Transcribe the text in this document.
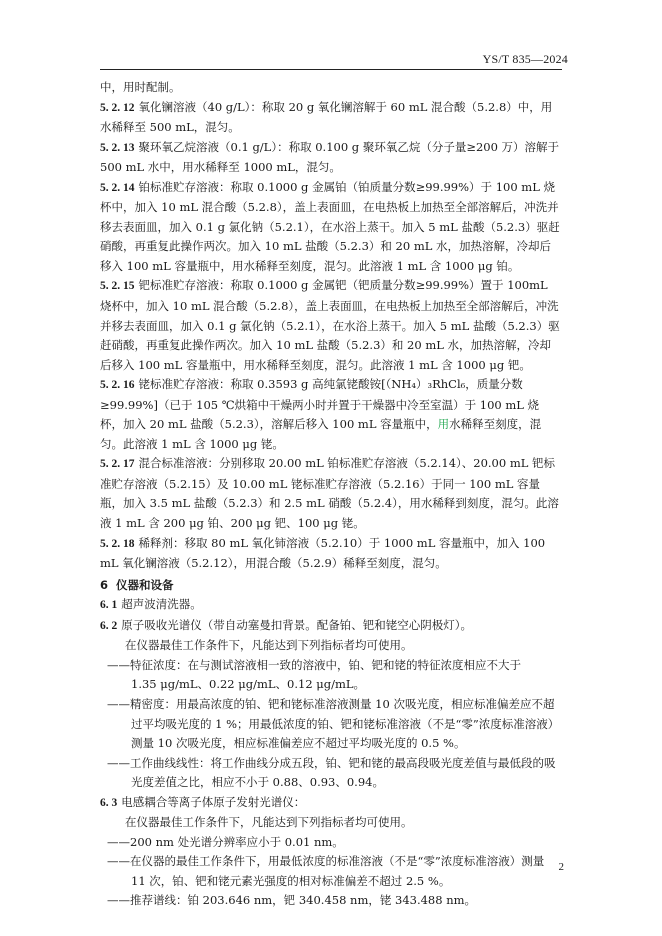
YS/T 835—2024

中，用时配制。

5. 2. 12 氧化镧溶液（40 g/L）：称取 20 g 氧化镧溶解于 60 mL 混合酸（5.2.8）中，用水稀释至 500 mL，混匀。

5. 2. 13 聚环氧乙烷溶液（0.1 g/L）：称取 0.100 g 聚环氧乙烷（分子量≥200 万）溶解于 500 mL 水中，用水稀释至 1000 mL，混匀。

5. 2. 14 铂标准贮存溶液：称取 0.1000 g 金属铂（铂质量分数≥99.99%）于 100 mL 烧杯中，加入 10 mL 混合酸（5.2.8），盖上表面皿，在电热板上加热至全部溶解后，冲洗并移去表面皿，加入 0.1 g 氯化钠（5.2.1），在水浴上蒸干。加入 5 mL 盐酸（5.2.3）驱赶硝酸，再重复此操作两次。加入 10 mL 盐酸（5.2.3）和 20 mL 水，加热溶解，冷却后移入 100 mL 容量瓶中，用水稀释至刻度，混匀。此溶液 1 mL 含 1000 μg 铂。

5. 2. 15 钯标准贮存溶液：称取 0.1000 g 金属钯（钯质量分数≥99.99%）置于 100mL 烧杯中，加入 10 mL 混合酸（5.2.8），盖上表面皿，在电热板上加热至全部溶解后，冲洗并移去表面皿，加入 0.1 g 氯化钠（5.2.1），在水浴上蒸干。加入 5 mL 盐酸（5.2.3）驱赶硝酸，再重复此操作两次。加入 10 mL 盐酸（5.2.3）和 20 mL 水，加热溶解，冷却后移入 100 mL 容量瓶中，用水稀释至刻度，混匀。此溶液 1 mL 含 1000 μg 钯。

5. 2. 16 铑标准贮存溶液：称取 0.3593 g 高纯氯铑酸铵[（NH₄）₃RhCl₆，质量分数≥99.99%]（已于 105 ℃烘箱中干燥两小时并置于干燥器中冷至室温）于 100 mL 烧杯，加入 20 mL 盐酸（5.2.3），溶解后移入 100 mL 容量瓶中，用水稀释至刻度，混匀。此溶液 1 mL 含 1000 μg 铑。

5. 2. 17 混合标准溶液：分别移取 20.00 mL 铂标准贮存溶液（5.2.14）、20.00 mL 钯标准贮存溶液（5.2.15）及 10.00 mL 铑标准贮存溶液（5.2.16）于同一 100 mL 容量瓶，加入 3.5 mL 盐酸（5.2.3）和 2.5 mL 硝酸（5.2.4），用水稀释到刻度，混匀。此溶液 1 mL 含 200 μg 铂、200 μg 钯、100 μg 铑。

5. 2. 18 稀释剂：移取 80 mL 氧化铈溶液（5.2.10）于 1000 mL 容量瓶中，加入 100 mL 氧化镧溶液（5.2.12），用混合酸（5.2.9）稀释至刻度，混匀。

6 仪器和设备

6. 1 超声波清洗器。

6. 2 原子吸收光谱仪（带自动塞曼扣背景。配备铂、钯和铑空心阴极灯）。

在仪器最佳工作条件下，凡能达到下列指标者均可使用。

——特征浓度：在与测试溶液相一致的溶液中，铂、钯和铑的特征浓度相应不大于
1.35 μg/mL、0.22 μg/mL、0.12 μg/mL。

——精密度：用最高浓度的铂、钯和铑标准溶液测量 10 次吸光度，相应标准偏差应不超过平均吸光度的 1 %；用最低浓度的铂、钯和铑标准溶液（不是“零”浓度标准溶液）测量 10 次吸光度，相应标准偏差应不超过平均吸光度的 0.5 %。

——工作曲线线性：将工作曲线分成五段，铂、钯和铑的最高段吸光度差值与最低段的吸光度差值之比，相应不小于 0.88、0.93、0.94。

6. 3 电感耦合等离子体原子发射光谱仪：

在仪器最佳工作条件下，凡能达到下列指标者均可使用。

——200 nm 处光谱分辨率应小于 0.01 nm。

——在仪器的最佳工作条件下，用最低浓度的标准溶液（不是“零”浓度标准溶液）测量 11 次，铂、钯和铑元素光强度的相对标准偏差不超过 2.5 %。

——推荐谱线：铂 203.646 nm，钯 340.458 nm，铑 343.488 nm。

2
